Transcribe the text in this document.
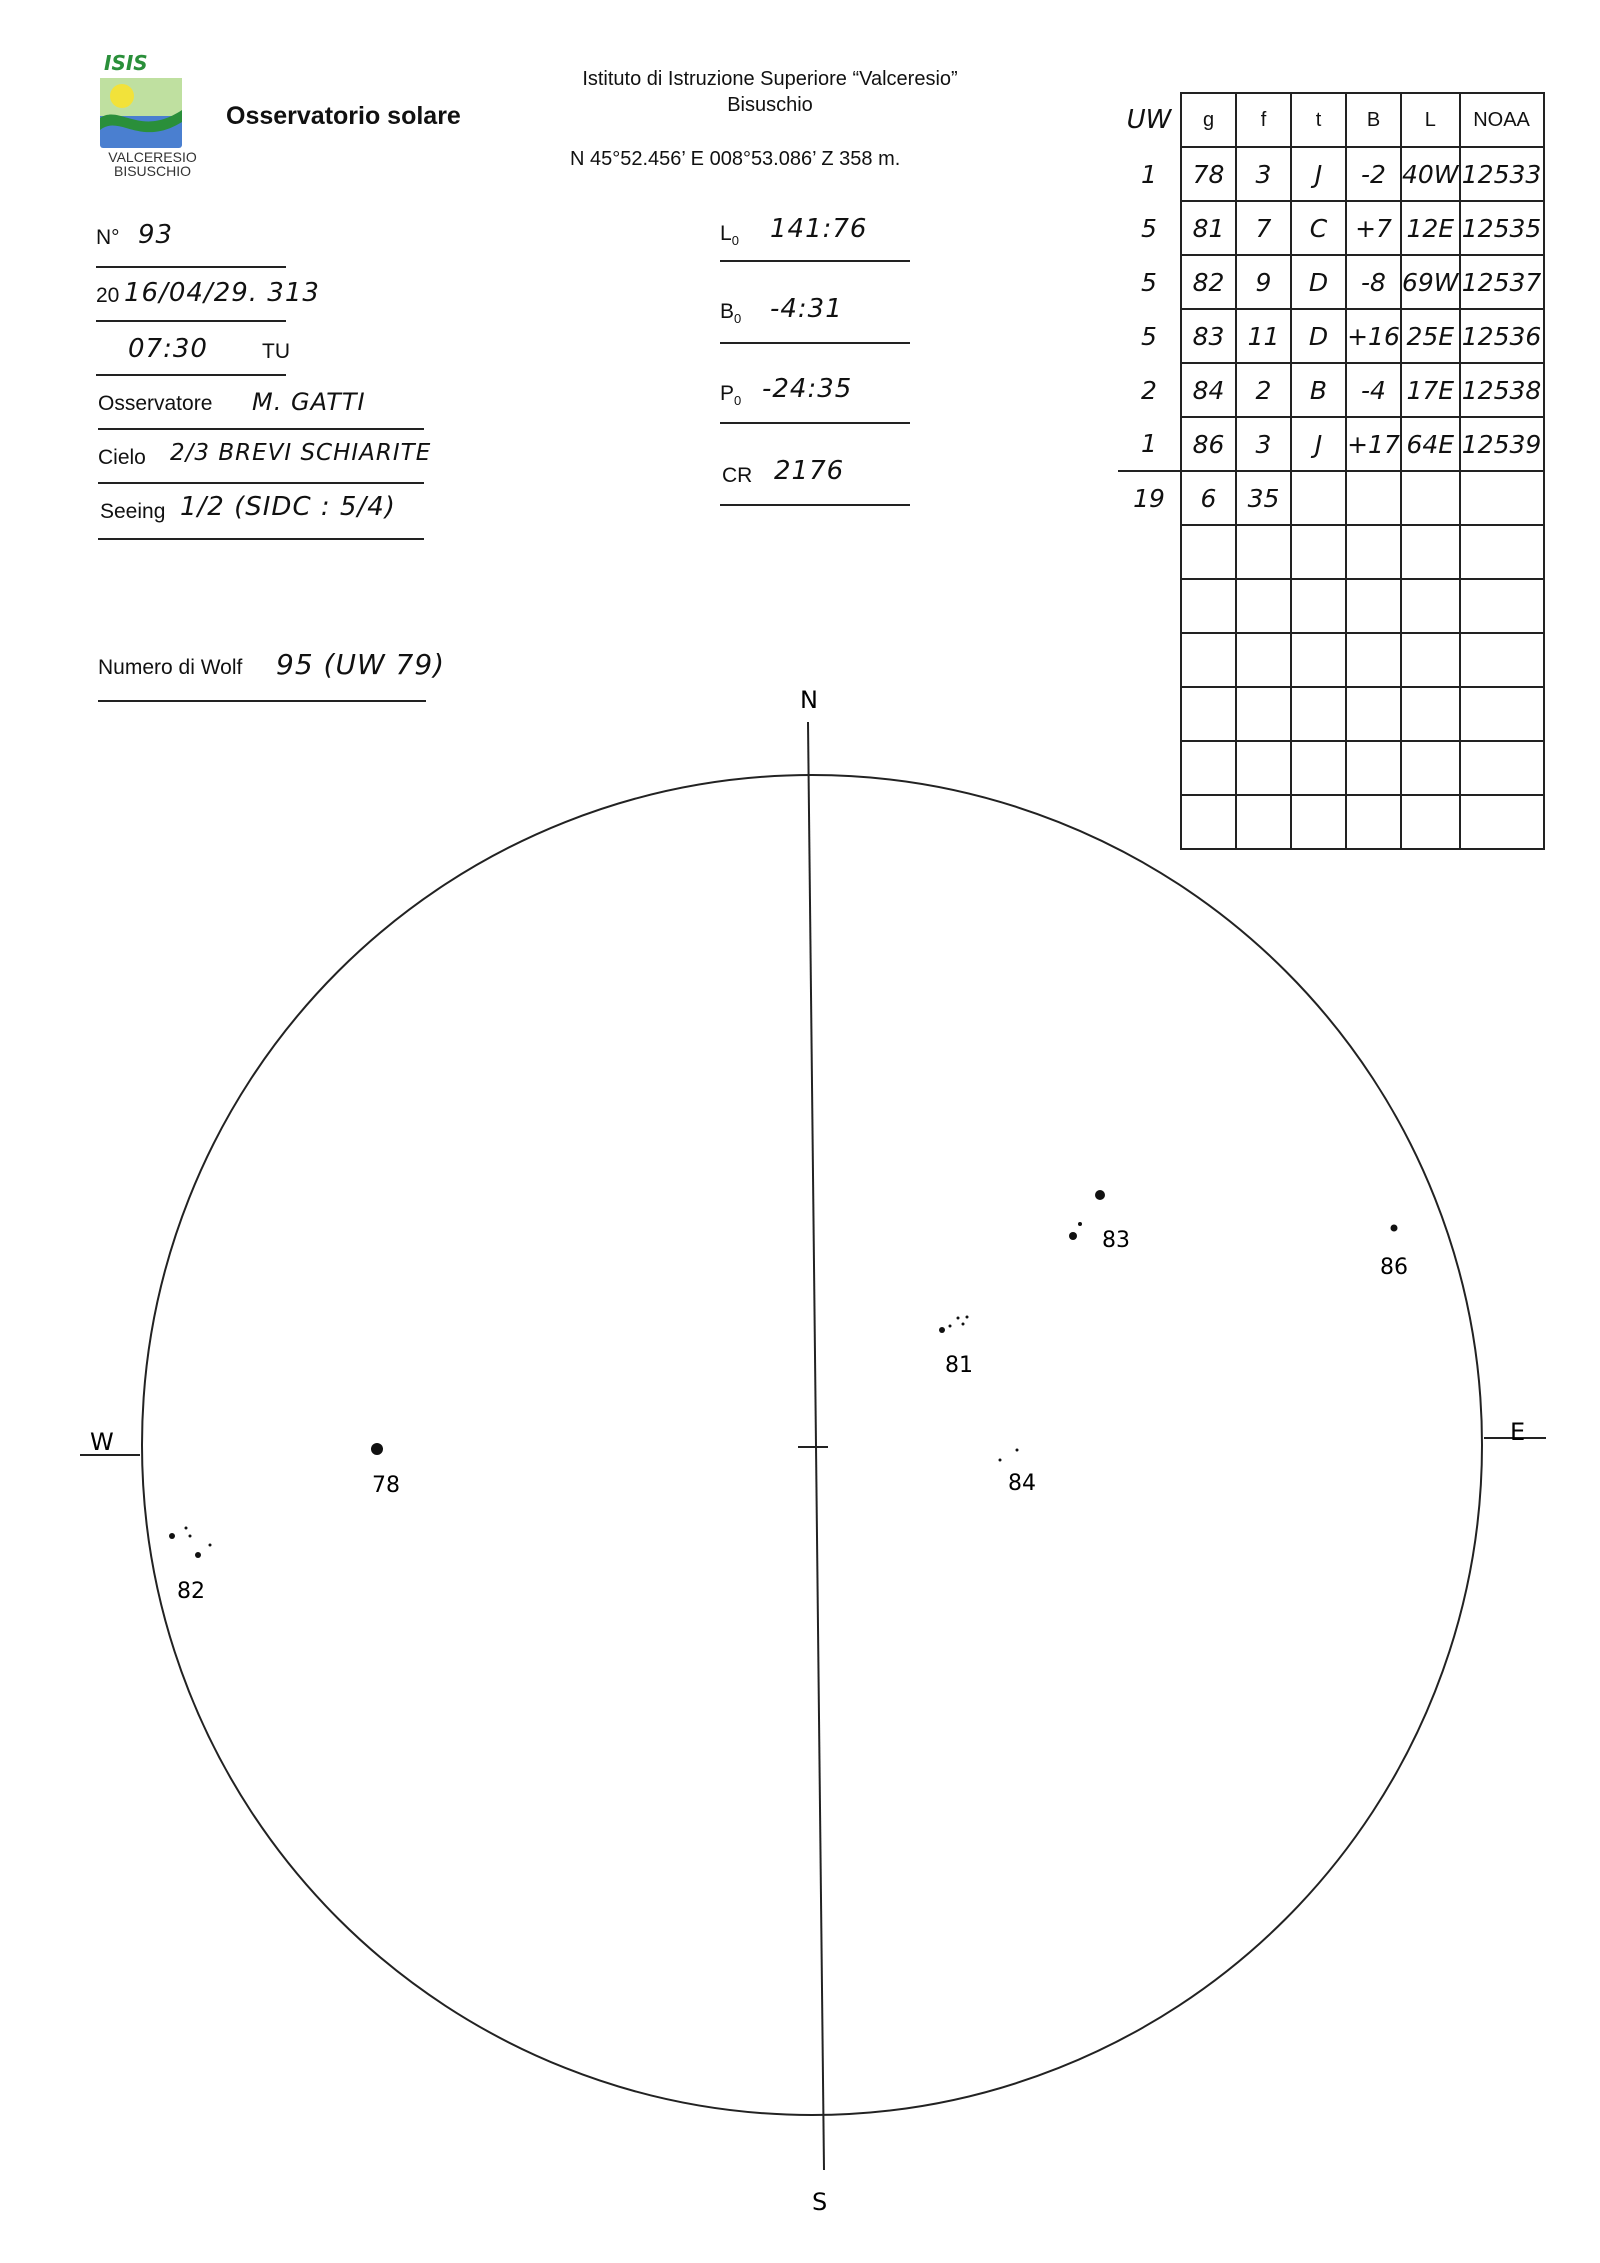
ISIS
VALCERESIO
BISUSCHIO
Osservatorio solare
Istituto di Istruzione Superiore “Valceresio”
Bisuschio
N 45°52.456’ E 008°53.086’ Z 358 m.
N° 93
20 16/04/29. 313
07:30	TU
Osservatore M. GATTI
Cielo 2/3 BREVI SCHIARITE
Seeing 1/2 (SIDC : 5/4)
Numero di Wolf 95 (UW 79)
$L_0$ 141:76
$B_0$ -4:31
$P_0$ -24:35
CR 2176
UW	g	f	t	B	L	NOAA
1	78	3	J	-2	40W	12533
5	81	7	C	+7	12E	12535
5	82	9	D	-8	69W	12537
5	83	11	D	+16	25E	12536
2	84	2	B	-4	17E	12538
1	86	3	J	+17	64E	12539
19	6	35				

N
S
E
W
78
82
81
83
86
84
